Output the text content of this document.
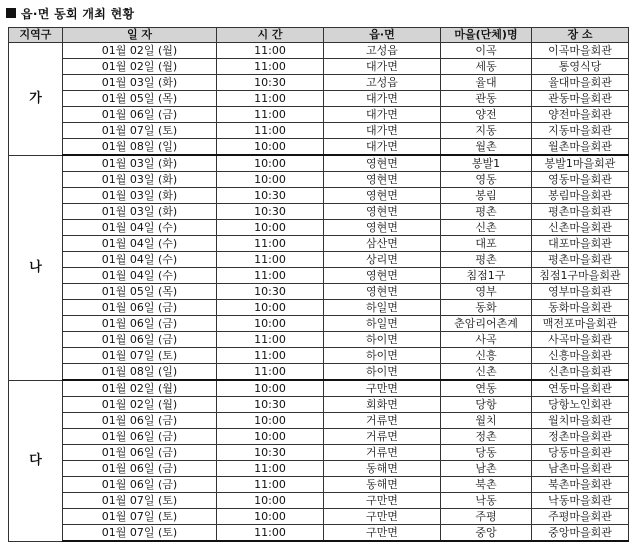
읍·면 동회 개최 현황
지역구	일 자	시 간	읍·면	마을(단체)명	장 소
가	01월 02일 (월)	11:00	고성읍	이곡	이곡마을회관
	01월 02일 (월)	11:00	대가면	세동	통영식당
	01월 03일 (화)	10:30	고성읍	율대	율대마을회관
	01월 05일 (목)	11:00	대가면	관동	관동마을회관
	01월 06일 (금)	11:00	대가면	양전	양전마을회관
	01월 07일 (토)	11:00	대가면	지동	지동마을회관
	01월 08일 (일)	10:00	대가면	월촌	월촌마을회관
나	01월 03일 (화)	10:00	영현면	봉발1	봉발1마을회관
	01월 03일 (화)	10:00	영현면	영동	영동마을회관
	01월 03일 (화)	10:30	영현면	봉림	봉림마을회관
	01월 03일 (화)	10:30	영현면	평촌	평촌마을회관
	01월 04일 (수)	10:00	영현면	신촌	신촌마을회관
	01월 04일 (수)	11:00	삼산면	대포	대포마을회관
	01월 04일 (수)	11:00	상리면	평촌	평촌마을회관
	01월 04일 (수)	11:00	영현면	침점1구	침점1구마을회관
	01월 05일 (목)	10:30	영현면	영부	영부마을회관
	01월 06일 (금)	10:00	하일면	동화	동화마을회관
	01월 06일 (금)	10:00	하일면	춘암리어촌계	맥전포마을회관
	01월 06일 (금)	11:00	하이면	사곡	사곡마을회관
	01월 07일 (토)	11:00	하이면	신흥	신흥마을회관
	01월 08일 (일)	11:00	하이면	신촌	신촌마을회관
다	01월 02일 (월)	10:00	구만면	연동	연동마을회관
	01월 02일 (월)	10:30	회화면	당항	당항노인회관
	01월 06일 (금)	10:00	거류면	월치	월치마을회관
	01월 06일 (금)	10:00	거류면	정촌	정촌마을회관
	01월 06일 (금)	10:30	거류면	당동	당동마을회관
	01월 06일 (금)	11:00	동해면	남촌	남촌마을회관
	01월 06일 (금)	11:00	동해면	북촌	북촌마을회관
	01월 07일 (토)	10:00	구만면	낙동	낙동마을회관
	01월 07일 (토)	10:00	구만면	주평	주평마을회관
	01월 07일 (토)	11:00	구만면	중앙	중앙마을회관
